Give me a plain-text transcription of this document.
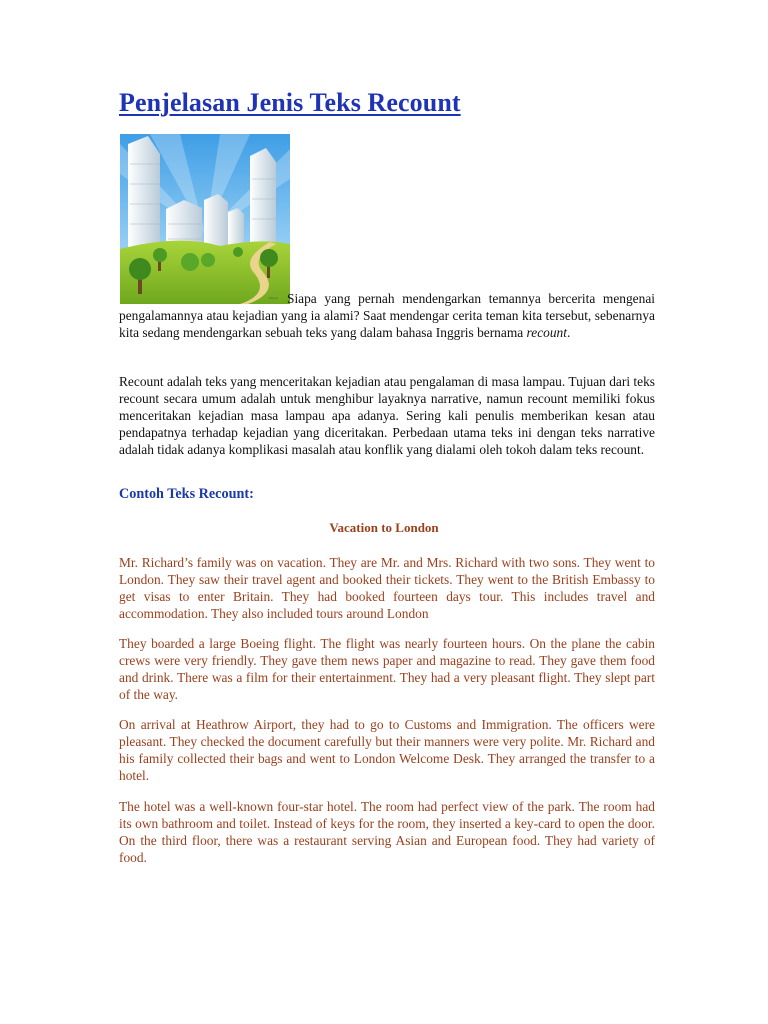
Penjelasan Jenis Teks Recount
clip art Siapa yang pernah mendengarkan temannya bercerita mengenai pengalamannya atau kejadian yang ia alami? Saat mendengar cerita teman kita tersebut, sebenarnya kita sedang mendengarkan sebuah teks yang dalam bahasa Inggris bernama recount.

Recount adalah teks yang menceritakan kejadian atau pengalaman di masa lampau. Tujuan dari teks recount secara umum adalah untuk menghibur layaknya narrative, namun recount memiliki fokus menceritakan kejadian masa lampau apa adanya. Sering kali penulis memberikan kesan atau pendapatnya terhadap kejadian yang diceritakan. Perbedaan utama teks ini dengan teks narrative adalah tidak adanya komplikasi masalah atau konflik yang dialami oleh tokoh dalam teks recount.

Contoh Teks Recount:
Vacation to London

Mr. Richard’s family was on vacation. They are Mr. and Mrs. Richard with two sons. They went to London. They saw their travel agent and booked their tickets. They went to the British Embassy to get visas to enter Britain. They had booked fourteen days tour. This includes travel and accommodation. They also included tours around London

They boarded a large Boeing flight. The flight was nearly fourteen hours. On the plane the cabin crews were very friendly. They gave them news paper and magazine to read. They gave them food and drink. There was a film for their entertainment. They had a very pleasant flight. They slept part of the way.

On arrival at Heathrow Airport, they had to go to Customs and Immigration. The officers were pleasant. They checked the document carefully but their manners were very polite. Mr. Richard and his family collected their bags and went to London Welcome Desk. They arranged the transfer to a hotel.

The hotel was a well-known four-star hotel. The room had perfect view of the park. The room had its own bathroom and toilet. Instead of keys for the room, they inserted a key-card to open the door. On the third floor, there was a restaurant serving Asian and European food. They had variety of food.
